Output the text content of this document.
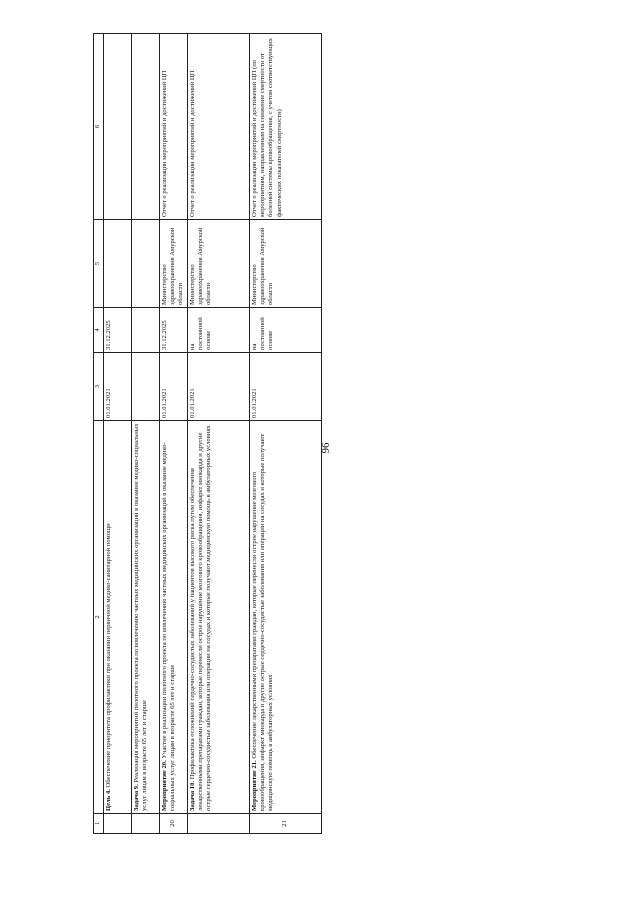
96
1	2	3	4	5	6
	Цель 4. Обеспечение приоритета профилактики при оказании первичной медико-санитарной помощи	01.01.2021	31.12.2025		
	Задача 9. Реализация мероприятий пилотного проекта по вовлечению частных медицинских организаций в оказание медико-социальных услуг лицам в возрасте 65 лет и старше				
20	Мероприятие 20. Участие в реализации пилотного проекта по вовлечению частных медицинских организаций в оказание медико-социальных услуг лицам в возрасте 65 лет и старше	01.01.2021	31.12.2025	Министерство здравоохранения Амурской области	Отчет о реализации мероприятий и достижений ЦП
	Задача 10. Профилактика осложнений сердечно-сосудистых заболеваний у пациентов высокого риска путем обеспечения лекарственными препаратами граждан, которые перенесли острое нарушение мозгового кровообращения, инфаркт миокарда и другие острые сердечно-сосудистые заболевания или операции на сосудах и которые получают медицинскую помощь в амбулаторных условиях	01.01.2021	на постоянной основе	Министерство здравоохранения Амурской области	Отчет о реализации мероприятий и достижений ЦП
21	Мероприятие 21. Обеспечение лекарственными препаратами граждан, которые перенесли острое нарушение мозгового кровообращения, инфаркт миокарда и другие острые сердечно-сосудистые заболевания или операции на сосудах и которые получают медицинскую помощь в амбулаторных условиях	01.01.2021	на постоянной основе	Министерство здравоохранения Амурской области	Отчет о реализации мероприятий и достижений ЦП (по мероприятиям, направленным на снижение смертности от болезней системы кровообращения, с учетом соответствующих фактических показателей смертности)
